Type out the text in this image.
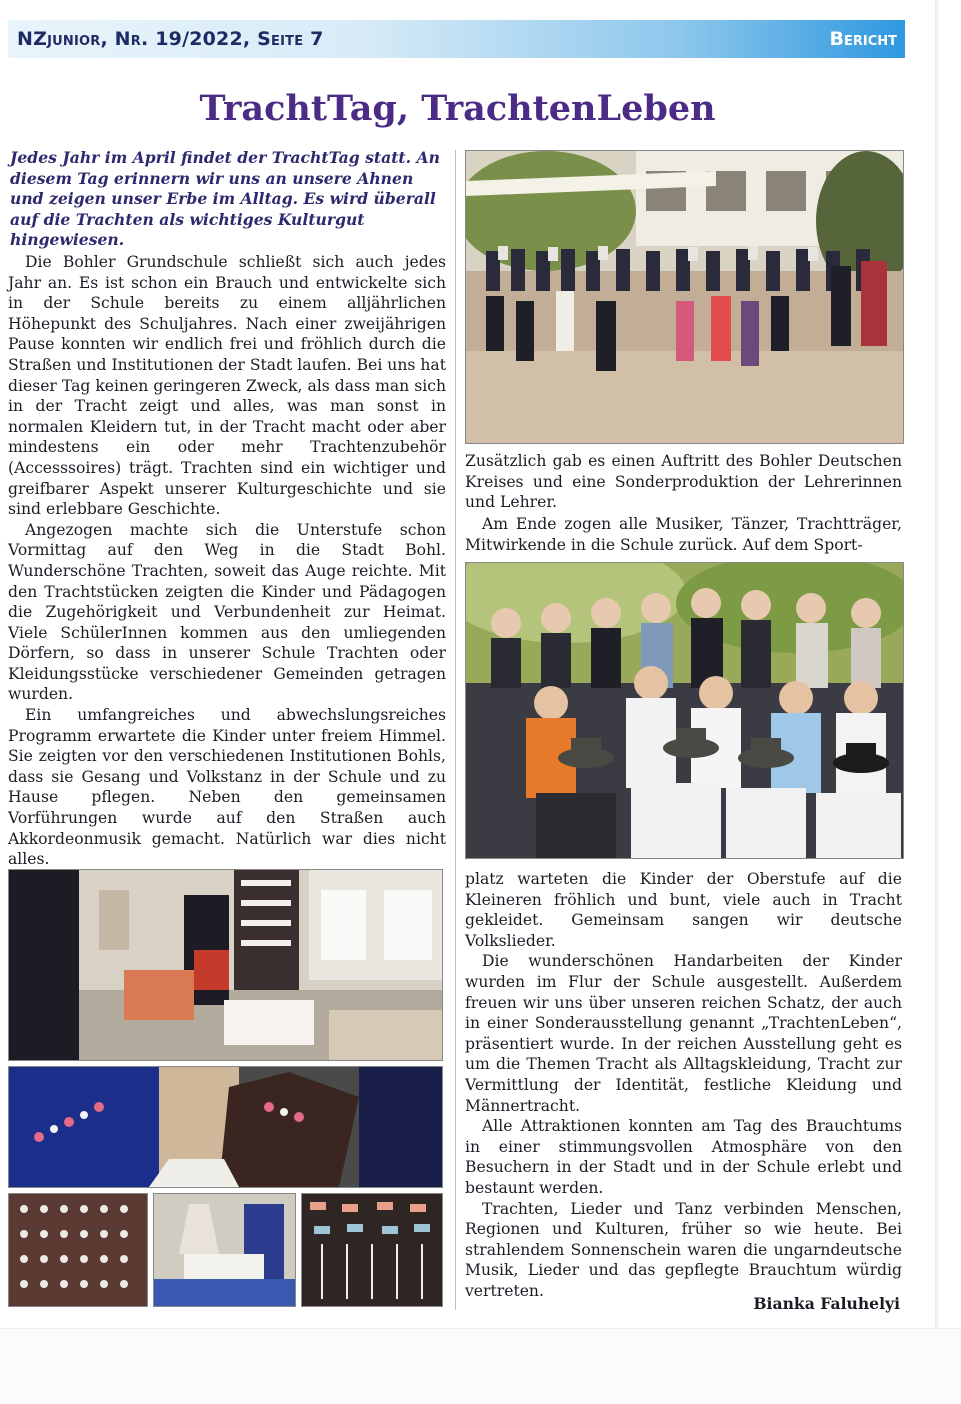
NZjunior, Nr. 19/2022, Seite 7	Bericht
TrachtTag, TrachtenLeben
Jedes Jahr im April findet der TrachtTag statt. An diesem Tag erinnern wir uns an unsere Ahnen und zeigen unser Erbe im Alltag. Es wird überall auf die Trachten als wichtiges Kulturgut hingewiesen.

Die Bohler Grundschule schließt sich auch jedes Jahr an. Es ist schon ein Brauch und entwickelte sich in der Schule bereits zu einem alljährlichen Höhepunkt des Schuljahres. Nach einer zweijährigen Pause konnten wir endlich frei und fröhlich durch die Straßen und Institutionen der Stadt laufen. Bei uns hat dieser Tag keinen geringeren Zweck, als dass man sich in der Tracht zeigt und alles, was man sonst in normalen Kleidern tut, in der Tracht macht oder aber mindestens ein oder mehr Trachtenzubehör (Accesssoires) trägt. Trachten sind ein wichtiger und greifbarer Aspekt unserer Kulturgeschichte und sie sind erlebbare Geschichte.

Angezogen machte sich die Unterstufe schon Vormittag auf den Weg in die Stadt Bohl. Wunderschöne Trachten, soweit das Auge reichte. Mit den Trachtstücken zeigten die Kinder und Pädagogen die Zugehörigkeit und Verbundenheit zur Heimat. Viele SchülerInnen kommen aus den umliegenden Dörfern, so dass in unserer Schule Trachten oder Kleidungsstücke verschiedener Gemeinden getragen wurden.

Ein umfangreiches und abwechslungsreiches Programm erwartete die Kinder unter freiem Himmel. Sie zeigten vor den verschiedenen Institutionen Bohls, dass sie Gesang und Volkstanz in der Schule und zu Hause pflegen. Neben den gemeinsamen Vorführungen wurde auf den Straßen auch Akkordeonmusik gemacht. Natürlich war dies nicht alles.

Zusätzlich gab es einen Auftritt des Bohler Deutschen Kreises und eine Sonderproduktion der Lehrerinnen und Lehrer.

Am Ende zogen alle Musiker, Tänzer, Trachtträger, Mitwirkende in die Schule zurück. Auf dem Sport-

platz warteten die Kinder der Oberstufe auf die Kleineren fröhlich und bunt, viele auch in Tracht gekleidet. Gemeinsam sangen wir deutsche Volkslieder.

Die wunderschönen Handarbeiten der Kinder wurden im Flur der Schule ausgestellt. Außerdem freuen wir uns über unseren reichen Schatz, der auch in einer Sonderausstellung genannt „TrachtenLeben“, präsentiert wurde. In der reichen Ausstellung geht es um die Themen Tracht als Alltagskleidung, Tracht zur Vermittlung der Identität, festliche Kleidung und Männertracht.

Alle Attraktionen konnten am Tag des Brauchtums in einer stimmungsvollen Atmosphäre von den Besuchern in der Stadt und in der Schule erlebt und bestaunt werden.

Trachten, Lieder und Tanz verbinden Menschen, Regionen und Kulturen, früher so wie heute. Bei strahlendem Sonnenschein waren die ungarndeutsche Musik, Lieder und das gepflegte Brauchtum würdig vertreten.

Bianka Faluhelyi
